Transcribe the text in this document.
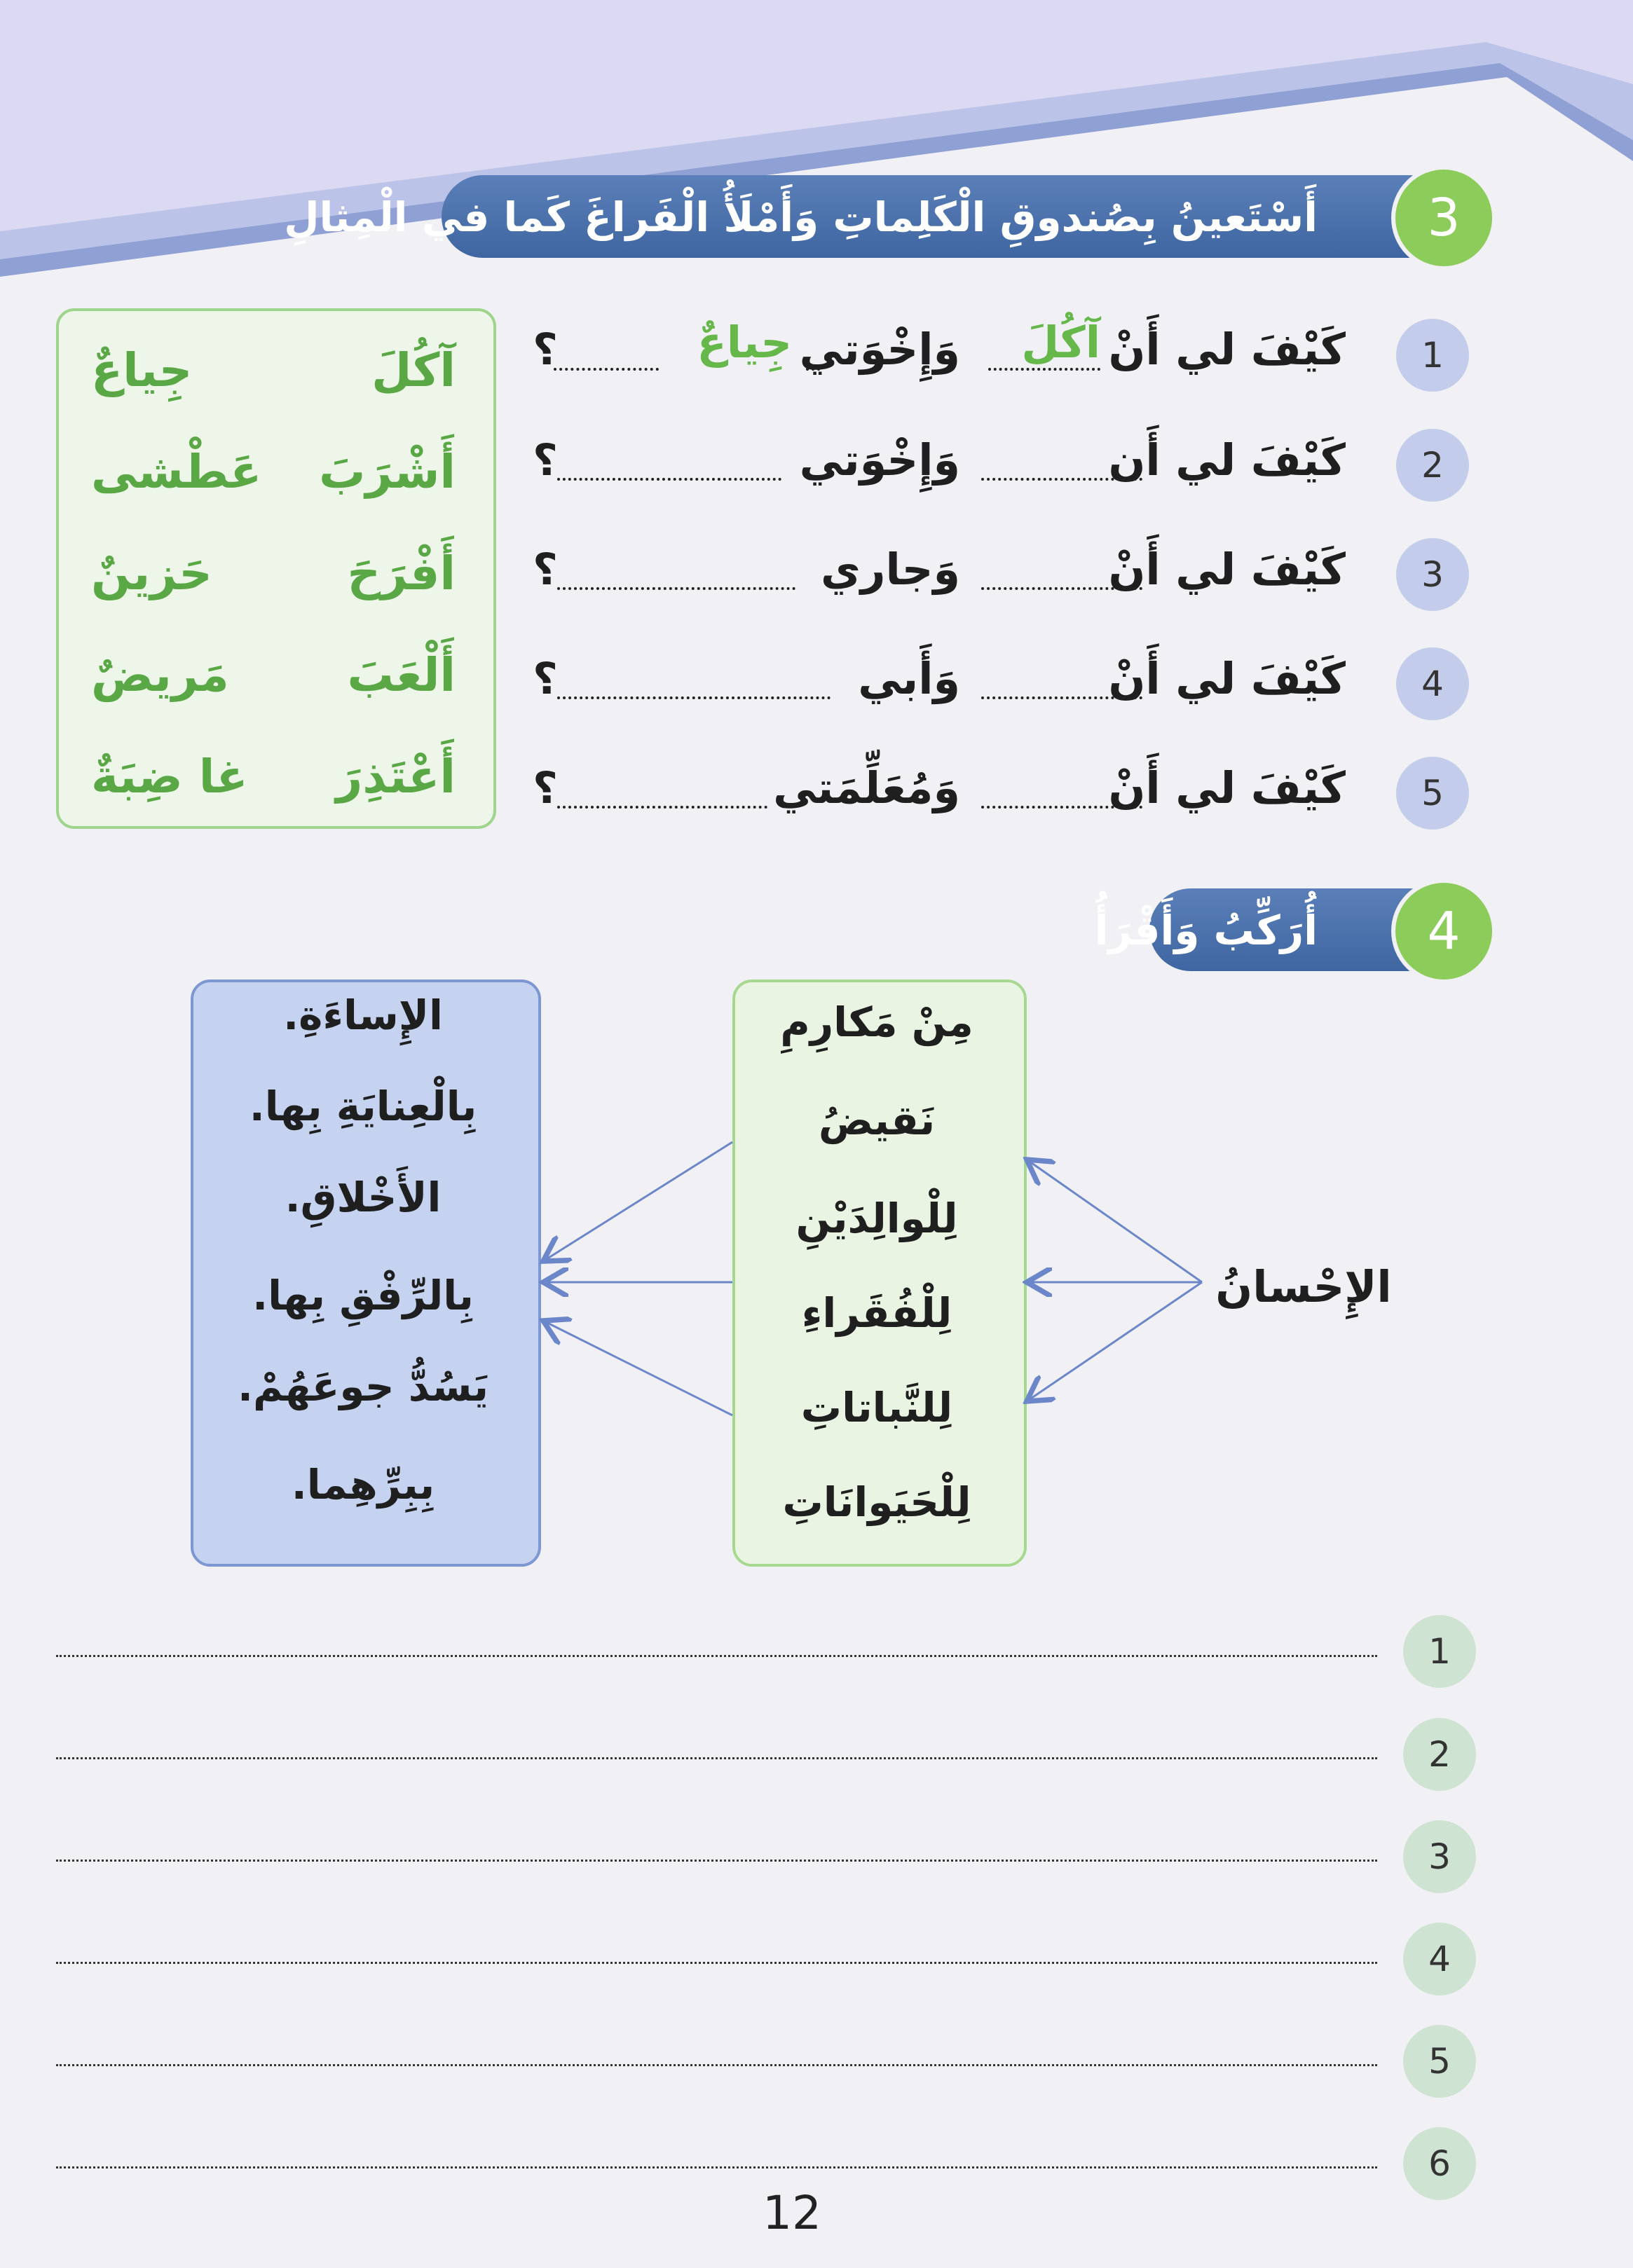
أَسْتَعينُ بِصُندوقِ الْكَلِماتِ وَأَمْلَأُ الْفَراغَ كَما في الْمِثالِ	3
آكُلَ
جِياعٌ
أَشْرَبَ
عَطْشى
أَفْرَحَ
حَزينٌ
أَلْعَبَ
مَريضٌ
أَعْتَذِرَ
غا ضِبَةٌ
1
كَيْفَ لي أَنْ
آكُلَ
وَإِخْوَتي
جِياعٌ
؟
2
كَيْفَ لي أَن
وَإِخْوَتي
؟
3
كَيْفَ لي أَنْ
وَجاري
؟
4
كَيْفَ لي أَنْ
وَأَبي
؟
5
كَيْفَ لي أَنْ
وَمُعَلِّمَتي
؟
أُرَكِّبُ وَأَقْرَأُ	4
الإِساءَةِ.
بِالْعِنايَةِ بِها.
الأَخْلاقِ.
بِالرِّفْقِ بِها.
يَسُدُّ جوعَهُمْ.
بِبِرِّهِما.
مِنْ مَكارِمِ
نَقيضُ
لِلْوالِدَيْنِ
لِلْفُقَراءِ
لِلنَّباتاتِ
لِلْحَيَوانَاتِ
الإِحْسانُ
1
2
3
4
5
6
12
